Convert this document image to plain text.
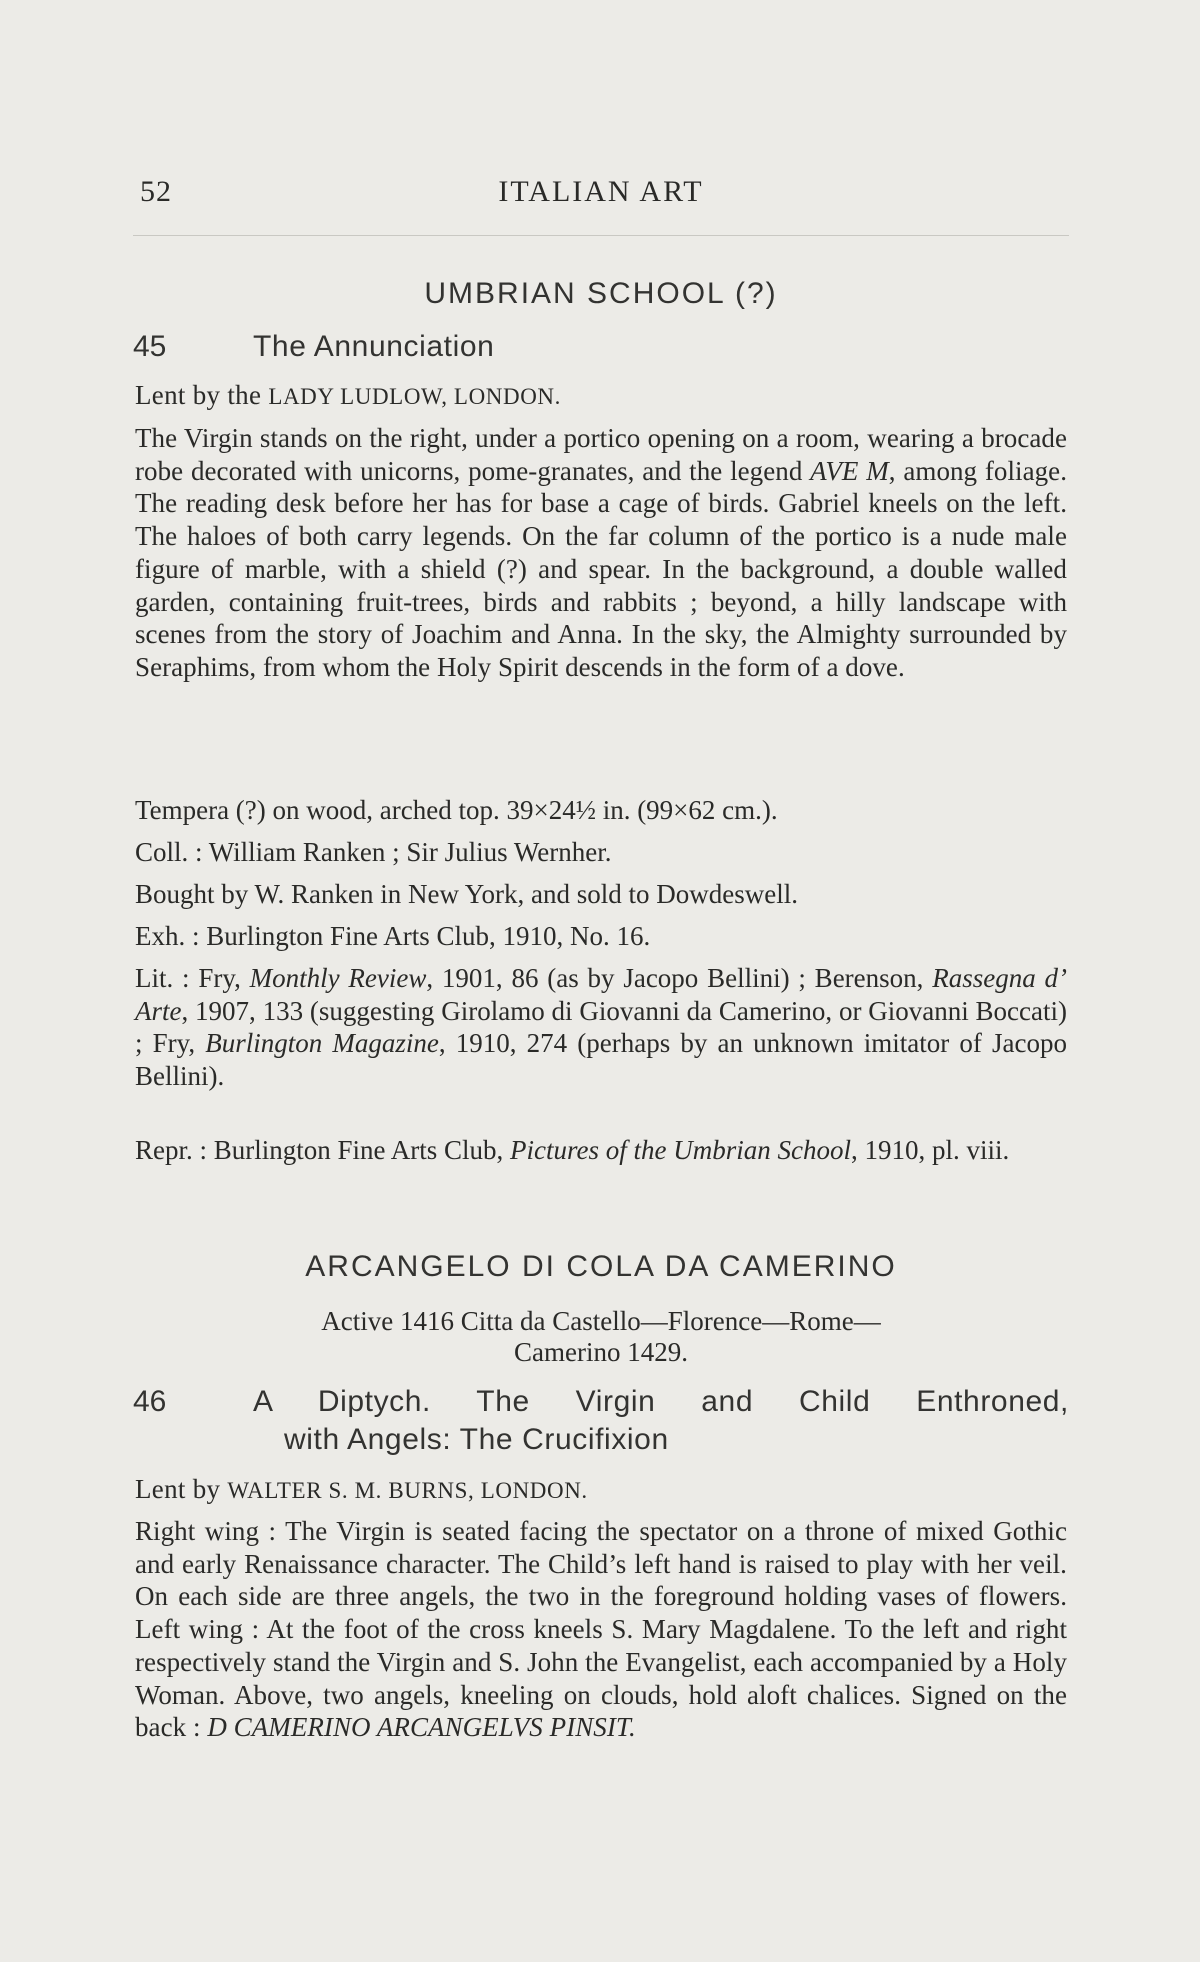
52	ITALIAN ART
UMBRIAN SCHOOL (?)
45	The Annunciation
Lent by the LADY LUDLOW, LONDON.
The Virgin stands on the right, under a portico opening on a room, wearing a brocade robe decorated with unicorns, pome-granates, and the legend AVE M, among foliage. The reading desk before her has for base a cage of birds. Gabriel kneels on the left. The haloes of both carry legends. On the far column of the portico is a nude male figure of marble, with a shield (?) and spear. In the background, a double walled garden, containing fruit-trees, birds and rabbits ; beyond, a hilly landscape with scenes from the story of Joachim and Anna. In the sky, the Almighty surrounded by Seraphims, from whom the Holy Spirit descends in the form of a dove.
Tempera (?) on wood, arched top. 39×24½ in. (99×62 cm.).
Coll. : William Ranken ; Sir Julius Wernher.
Bought by W. Ranken in New York, and sold to Dowdeswell.
Exh. : Burlington Fine Arts Club, 1910, No. 16.
Lit. : Fry, Monthly Review, 1901, 86 (as by Jacopo Bellini) ; Berenson, Rassegna d’ Arte, 1907, 133 (suggesting Girolamo di Giovanni da Camerino, or Giovanni Boccati) ; Fry, Burlington Magazine, 1910, 274 (perhaps by an unknown imitator of Jacopo Bellini).
Repr. : Burlington Fine Arts Club, Pictures of the Umbrian School, 1910, pl. viii.
ARCANGELO DI COLA DA CAMERINO
Active 1416 Citta da Castello—Florence—Rome—
Camerino 1429.
46	A Diptych. The Virgin and Child Enthroned,
with Angels: The Crucifixion
Lent by WALTER S. M. BURNS, LONDON.
Right wing : The Virgin is seated facing the spectator on a throne of mixed Gothic and early Renaissance character. The Child’s left hand is raised to play with her veil. On each side are three angels, the two in the foreground holding vases of flowers. Left wing : At the foot of the cross kneels S. Mary Magdalene. To the left and right respectively stand the Virgin and S. John the Evangelist, each accompanied by a Holy Woman. Above, two angels, kneeling on clouds, hold aloft chalices. Signed on the back : D CAMERINO ARCANGELVS PINSIT.
